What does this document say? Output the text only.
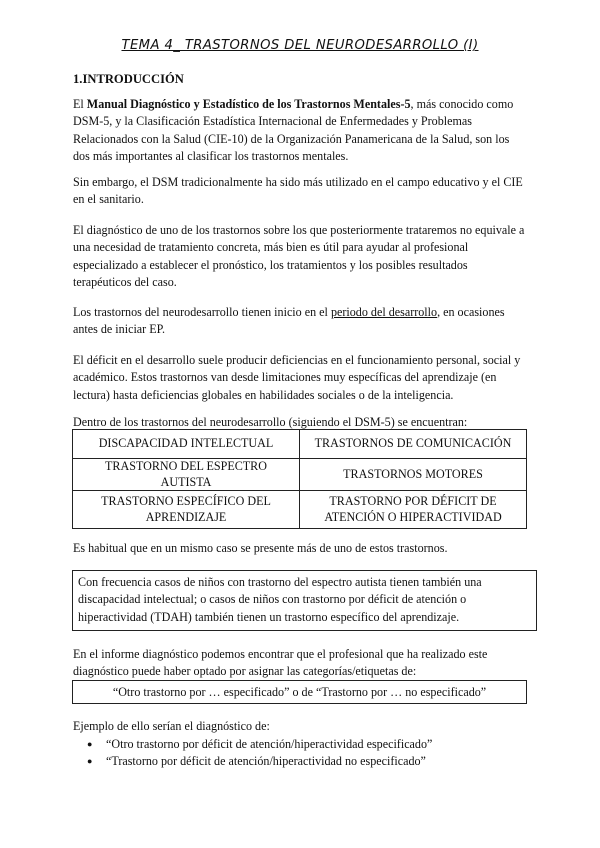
TEMA 4_ TRASTORNOS DEL NEURODESARROLLO (I)
1.INTRODUCCIÓN
El Manual Diagnóstico y Estadístico de los Trastornos Mentales-5, más conocido como DSM-5, y la Clasificación Estadística Internacional de Enfermedades y Problemas Relacionados con la Salud (CIE-10) de la Organización Panamericana de la Salud, son los dos más importantes al clasificar los trastornos mentales.
Sin embargo, el DSM tradicionalmente ha sido más utilizado en el campo educativo y el CIE en el sanitario.
El diagnóstico de uno de los trastornos sobre los que posteriormente trataremos no equivale a una necesidad de tratamiento concreta, más bien es útil para ayudar al profesional especializado a establecer el pronóstico, los tratamientos y los posibles resultados terapéuticos del caso.
Los trastornos del neurodesarrollo tienen inicio en el periodo del desarrollo, en ocasiones antes de iniciar EP.
El déficit en el desarrollo suele producir deficiencias en el funcionamiento personal, social y académico. Estos trastornos van desde limitaciones muy específicas del aprendizaje (en lectura) hasta deficiencias globales en habilidades sociales o de la inteligencia.
Dentro de los trastornos del neurodesarrollo (siguiendo el DSM-5) se encuentran:
DISCAPACIDAD INTELECTUAL	TRASTORNOS DE COMUNICACIÓN
TRASTORNO DEL ESPECTRO AUTISTA	TRASTORNOS MOTORES
TRASTORNO ESPECÍFICO DEL APRENDIZAJE	TRASTORNO POR DÉFICIT DE ATENCIÓN O HIPERACTIVIDAD
Es habitual que en un mismo caso se presente más de uno de estos trastornos.
Con frecuencia casos de niños con trastorno del espectro autista tienen también una discapacidad intelectual; o casos de niños con trastorno por déficit de atención o hiperactividad (TDAH) también tienen un trastorno específico del aprendizaje.
En el informe diagnóstico podemos encontrar que el profesional que ha realizado este diagnóstico puede haber optado por asignar las categorías/etiquetas de:
“Otro trastorno por … especificado” o de “Trastorno por … no especificado”
Ejemplo de ello serían el diagnóstico de:
● “Otro trastorno por déficit de atención/hiperactividad especificado”
● “Trastorno por déficit de atención/hiperactividad no especificado”
